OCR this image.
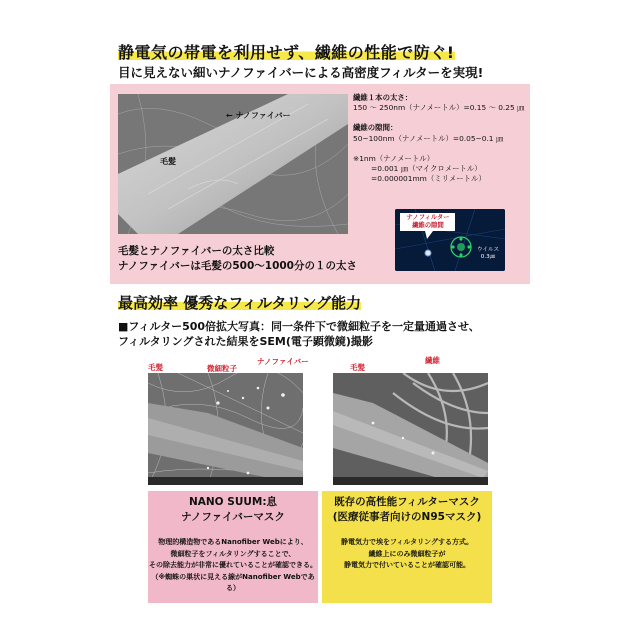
静電気の帯電を利用せず、繊維の性能で防ぐ!
目に見えない細いナノファイバーによる高密度フィルターを実現!
← ナノファイバー
毛髪
毛髪とナノファイバーの太さ比較
ナノファイバーは毛髪の500〜1000分の１の太さ
繊維１本の太さ：
150 〜 250nm（ナノメートル）=0.15 〜 0.25 ㎛
繊維の隙間：
50~100nm（ナノメートル）=0.05~0.1 ㎛
※1nm（ナノメートル）
=0.001 ㎛（マイクロメートル）
=0.000001mm（ミリメートル）
ナノフィルター
繊維の隙間
ウイルス
0.3㎛
最高効率 優秀なフィルタリング能力
■フィルター500倍拡大写真：同一条件下で微細粒子を一定量通過させ、
フィルタリングされた結果をSEM(電子顕微鏡)撮影
毛髪	微細粒子
ナノファイバー
毛髪
繊維
NANO SUUM:息
ナノファイバーマスク
物理的構造物であるNanofiber Webにより、
微細粒子をフィルタリングすることで、
その除去能力が非常に優れていることが確認できる。
（※蜘蛛の巣状に見える線がNanofiber Webである）
既存の高性能フィルターマスク
(医療従事者向けのN95マスク)
静電気力で埃をフィルタリングする方式。
繊維上にのみ微細粒子が
静電気力で付いていることが確認可能。
